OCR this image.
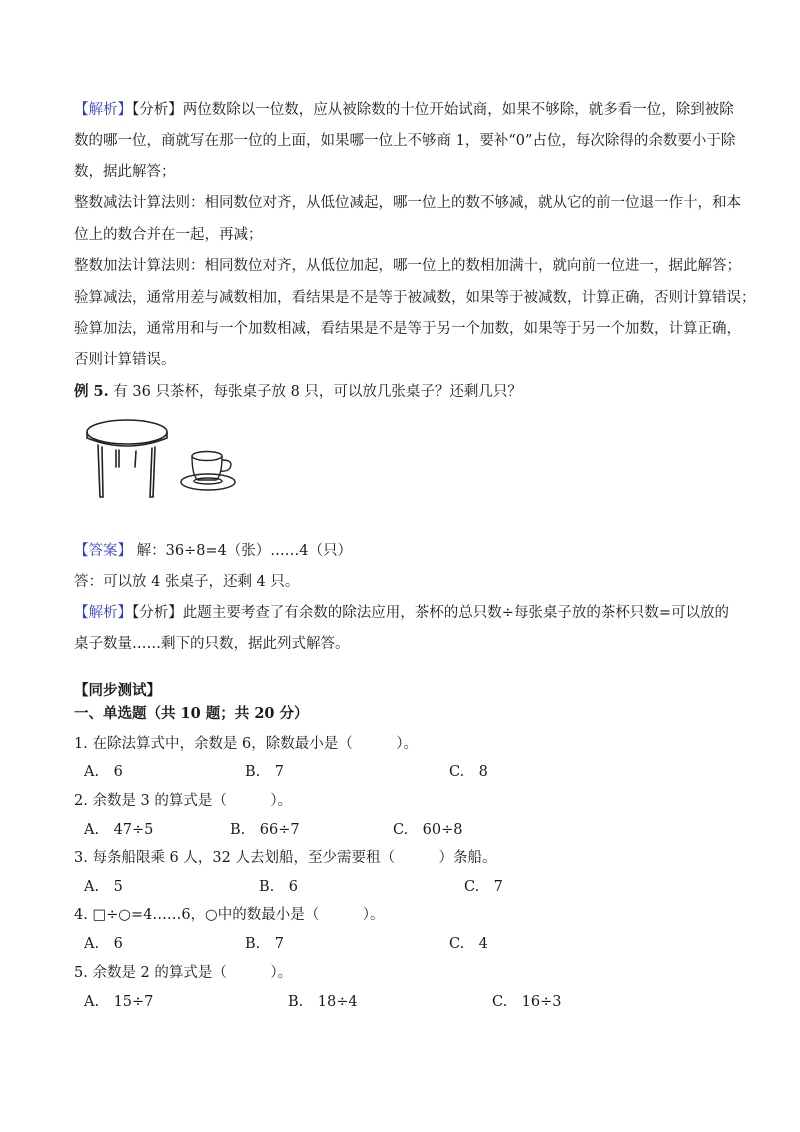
【解析】【分析】两位数除以一位数，应从被除数的十位开始试商，如果不够除，就多看一位，除到被除
数的哪一位，商就写在那一位的上面，如果哪一位上不够商 1，要补“0”占位，每次除得的余数要小于除
数，据此解答；
整数减法计算法则：相同数位对齐，从低位减起，哪一位上的数不够减，就从它的前一位退一作十，和本
位上的数合并在一起，再减；
整数加法计算法则：相同数位对齐，从低位加起，哪一位上的数相加满十，就向前一位进一，据此解答；
验算减法，通常用差与减数相加，看结果是不是等于被减数，如果等于被减数，计算正确，否则计算错误；
验算加法，通常用和与一个加数相减，看结果是不是等于另一个加数，如果等于另一个加数，计算正确，
否则计算错误。
例 5. 有 36 只茶杯，每张桌子放 8 只，可以放几张桌子？还剩几只？
【答案】 解：36÷8=4（张）……4（只）
答：可以放 4 张桌子，还剩 4 只。
【解析】【分析】此题主要考查了有余数的除法应用，茶杯的总只数÷每张桌子放的茶杯只数=可以放的
桌子数量……剩下的只数，据此列式解答。
【同步测试】
一、单选题（共 10 题；共 20 分）
1. 在除法算式中，余数是 6，除数最小是（　　　）。
A.　6	B.　7	C.　8
2. 余数是 3 的算式是（　　　）。
A.　47÷5	B.　66÷7	C.　60÷8
3. 每条船限乘 6 人，32 人去划船，至少需要租（　　　）条船。
A.　5	B.　6	C.　7
4. □÷○=4……6，○中的数最小是（　　　）。
A.　6	B.　7	C.　4
5. 余数是 2 的算式是（　　　）。
A.　15÷7	B.　18÷4	C.　16÷3
